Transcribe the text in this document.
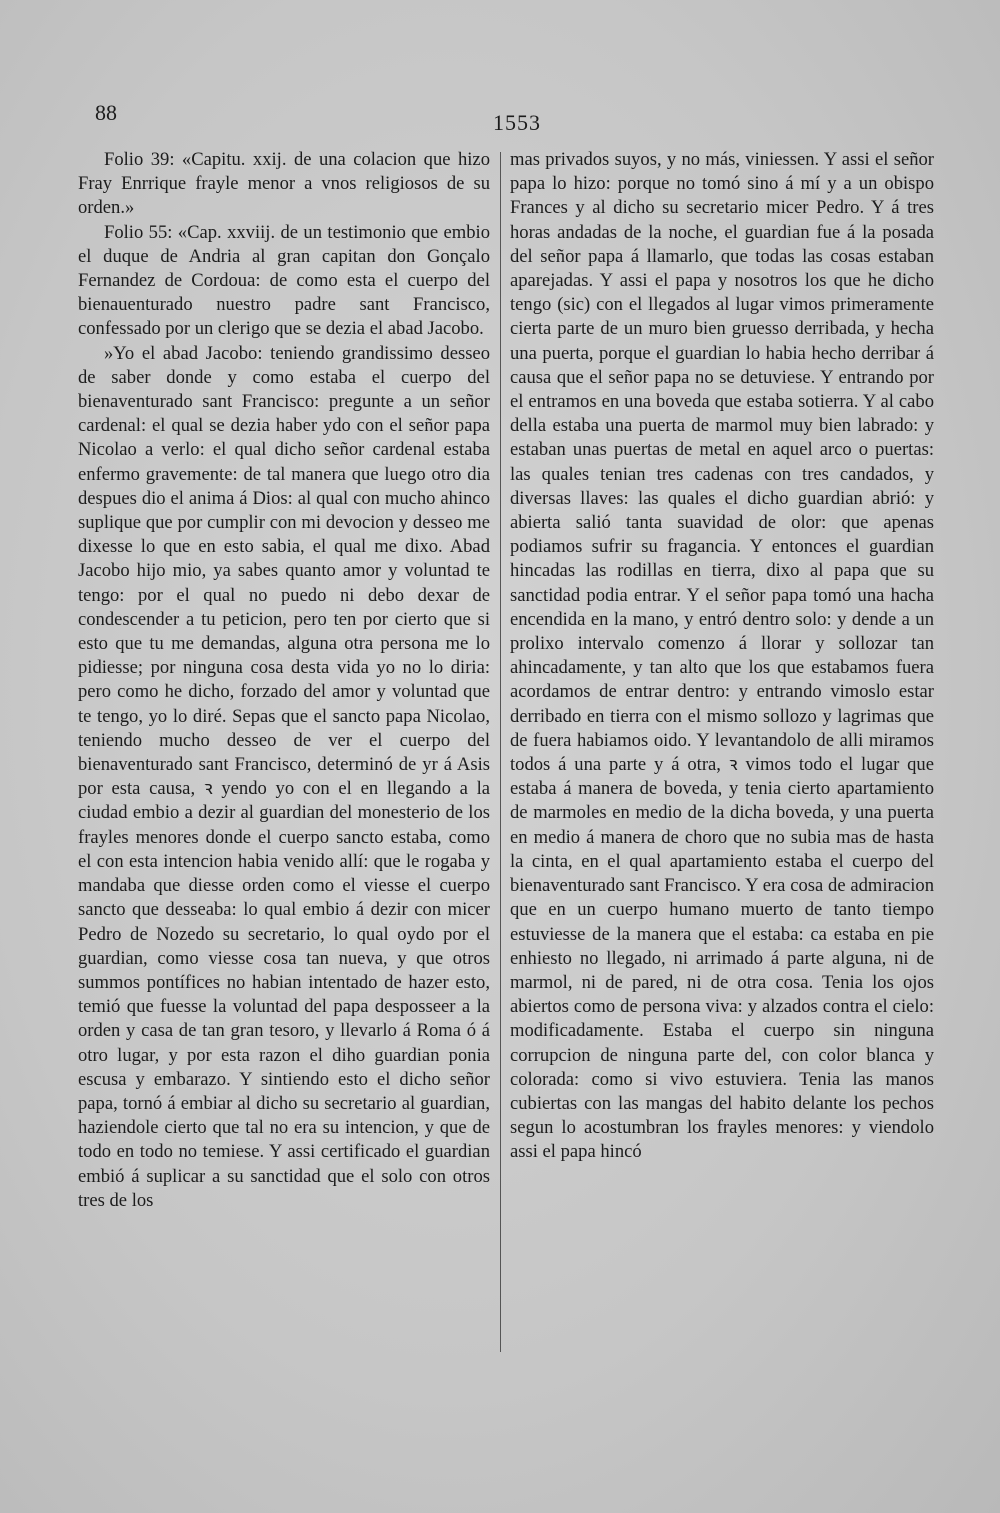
88	1553

Folio 39: «Capitu. xxij. de una colacion que hizo Fray Enrrique frayle menor a vnos religiosos de su orden.»

Folio 55: «Cap. xxviij. de un testimonio que embio el duque de Andria al gran capitan don Gonçalo Fernandez de Cordoua: de como esta el cuerpo del bienauenturado nuestro padre sant Francisco, confessado por un clerigo que se dezia el abad Jacobo.

»Yo el abad Jacobo: teniendo grandissimo desseo de saber donde y como estaba el cuerpo del bienaventurado sant Francisco: pregunte a un señor cardenal: el qual se dezia haber ydo con el señor papa Nicolao a verlo: el qual dicho señor cardenal estaba enfermo gravemente: de tal manera que luego otro dia despues dio el anima á Dios: al qual con mucho ahinco suplique que por cumplir con mi devocion y desseo me dixesse lo que en esto sabia, el qual me dixo. Abad Jacobo hijo mio, ya sabes quanto amor y voluntad te tengo: por el qual no puedo ni debo dexar de condescender a tu peticion, pero ten por cierto que si esto que tu me demandas, alguna otra persona me lo pidiesse; por ninguna cosa desta vida yo no lo diria: pero como he dicho, forzado del amor y voluntad que te tengo, yo lo diré. Sepas que el sancto papa Nicolao, teniendo mucho desseo de ver el cuerpo del bienaventurado sant Francisco, determinó de yr á Asis por esta causa, ꝛ yendo yo con el en llegando a la ciudad embio a dezir al guardian del monesterio de los frayles menores donde el cuerpo sancto estaba, como el con esta intencion habia venido allí: que le rogaba y mandaba que diesse orden como el viesse el cuerpo sancto que desseaba: lo qual embio á dezir con micer Pedro de Nozedo su secretario, lo qual oydo por el guardian, como viesse cosa tan nueva, y que otros summos pontífices no habian intentado de hazer esto, temió que fuesse la voluntad del papa desposseer a la orden y casa de tan gran tesoro, y llevarlo á Roma ó á otro lugar, y por esta razon el diho guardian ponia escusa y embarazo. Y sintiendo esto el dicho señor papa, tornó á embiar al dicho su secretario al guardian, haziendole cierto que tal no era su intencion, y que de todo en todo no temiese. Y assi certificado el guardian embió á suplicar a su sanctidad que el solo con otros tres de los

mas privados suyos, y no más, viniessen. Y assi el señor papa lo hizo: porque no tomó sino á mí y a un obispo Frances y al dicho su secretario micer Pedro. Y á tres horas andadas de la noche, el guardian fue á la posada del señor papa á llamarlo, que todas las cosas estaban aparejadas. Y assi el papa y nosotros los que he dicho tengo (sic) con el llegados al lugar vimos primeramente cierta parte de un muro bien gruesso derribada, y hecha una puerta, porque el guardian lo habia hecho derribar á causa que el señor papa no se detuviese. Y entrando por el entramos en una boveda que estaba sotierra. Y al cabo della estaba una puerta de marmol muy bien labrado: y estaban unas puertas de metal en aquel arco o puertas: las quales tenian tres cadenas con tres candados, y diversas llaves: las quales el dicho guardian abrió: y abierta salió tanta suavidad de olor: que apenas podiamos sufrir su fragancia. Y entonces el guardian hincadas las rodillas en tierra, dixo al papa que su sanctidad podia entrar. Y el señor papa tomó una hacha encendida en la mano, y entró dentro solo: y dende a un prolixo intervalo comenzo á llorar y sollozar tan ahincadamente, y tan alto que los que estabamos fuera acordamos de entrar dentro: y entrando vimoslo estar derribado en tierra con el mismo sollozo y lagrimas que de fuera habiamos oido. Y levantandolo de alli miramos todos á una parte y á otra, ꝛ vimos todo el lugar que estaba á manera de boveda, y tenia cierto apartamiento de marmoles en medio de la dicha boveda, y una puerta en medio á manera de choro que no subia mas de hasta la cinta, en el qual apartamiento estaba el cuerpo del bienaventurado sant Francisco. Y era cosa de admiracion que en un cuerpo humano muerto de tanto tiempo estuviesse de la manera que el estaba: ca estaba en pie enhiesto no llegado, ni arrimado á parte alguna, ni de marmol, ni de pared, ni de otra cosa. Tenia los ojos abiertos como de persona viva: y alzados contra el cielo: modificadamente. Estaba el cuerpo sin ninguna corrupcion de ninguna parte del, con color blanca y colorada: como si vivo estuviera. Tenia las manos cubiertas con las mangas del habito delante los pechos segun lo acostumbran los frayles menores: y viendolo assi el papa hincó
